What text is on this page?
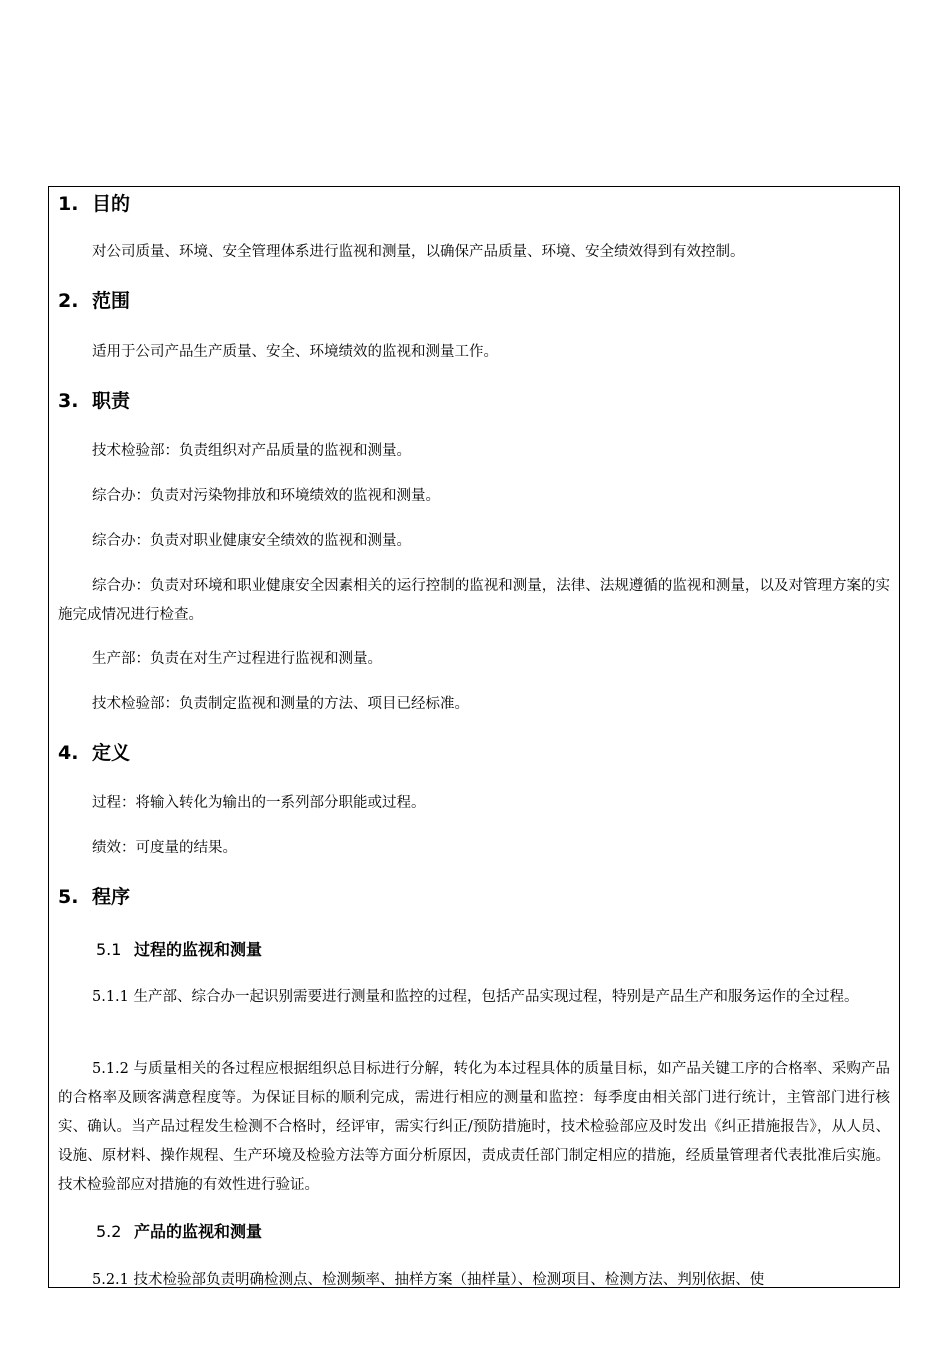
1. 目的

对公司质量、环境、安全管理体系进行监视和测量，以确保产品质量、环境、安全绩效得到有效控制。

2. 范围

适用于公司产品生产质量、安全、环境绩效的监视和测量工作。

3. 职责

技术检验部：负责组织对产品质量的监视和测量。

综合办：负责对污染物排放和环境绩效的监视和测量。

综合办：负责对职业健康安全绩效的监视和测量。

综合办：负责对环境和职业健康安全因素相关的运行控制的监视和测量，法律、法规遵循的监视和测量，以及对管理方案的实施完成情况进行检查。

生产部：负责在对生产过程进行监视和测量。

技术检验部：负责制定监视和测量的方法、项目已经标准。

4. 定义

过程：将输入转化为输出的一系列部分职能或过程。

绩效：可度量的结果。

5. 程序
5.1 过程的监视和测量

5.1.1 生产部、综合办一起识别需要进行测量和监控的过程，包括产品实现过程，特别是产品生产和服务运作的全过程。

5.1.2 与质量相关的各过程应根据组织总目标进行分解，转化为本过程具体的质量目标，如产品关键工序的合格率、采购产品的合格率及顾客满意程度等。为保证目标的顺利完成，需进行相应的测量和监控：每季度由相关部门进行统计，主管部门进行核实、确认。当产品过程发生检测不合格时，经评审，需实行纠正/预防措施时，技术检验部应及时发出《纠正措施报告》，从人员、设施、原材料、操作规程、生产环境及检验方法等方面分析原因，责成责任部门制定相应的措施，经质量管理者代表批准后实施。技术检验部应对措施的有效性进行验证。

5.2 产品的监视和测量

5.2.1 技术检验部负责明确检测点、检测频率、抽样方案（抽样量）、检测项目、检测方法、判别依据、使
